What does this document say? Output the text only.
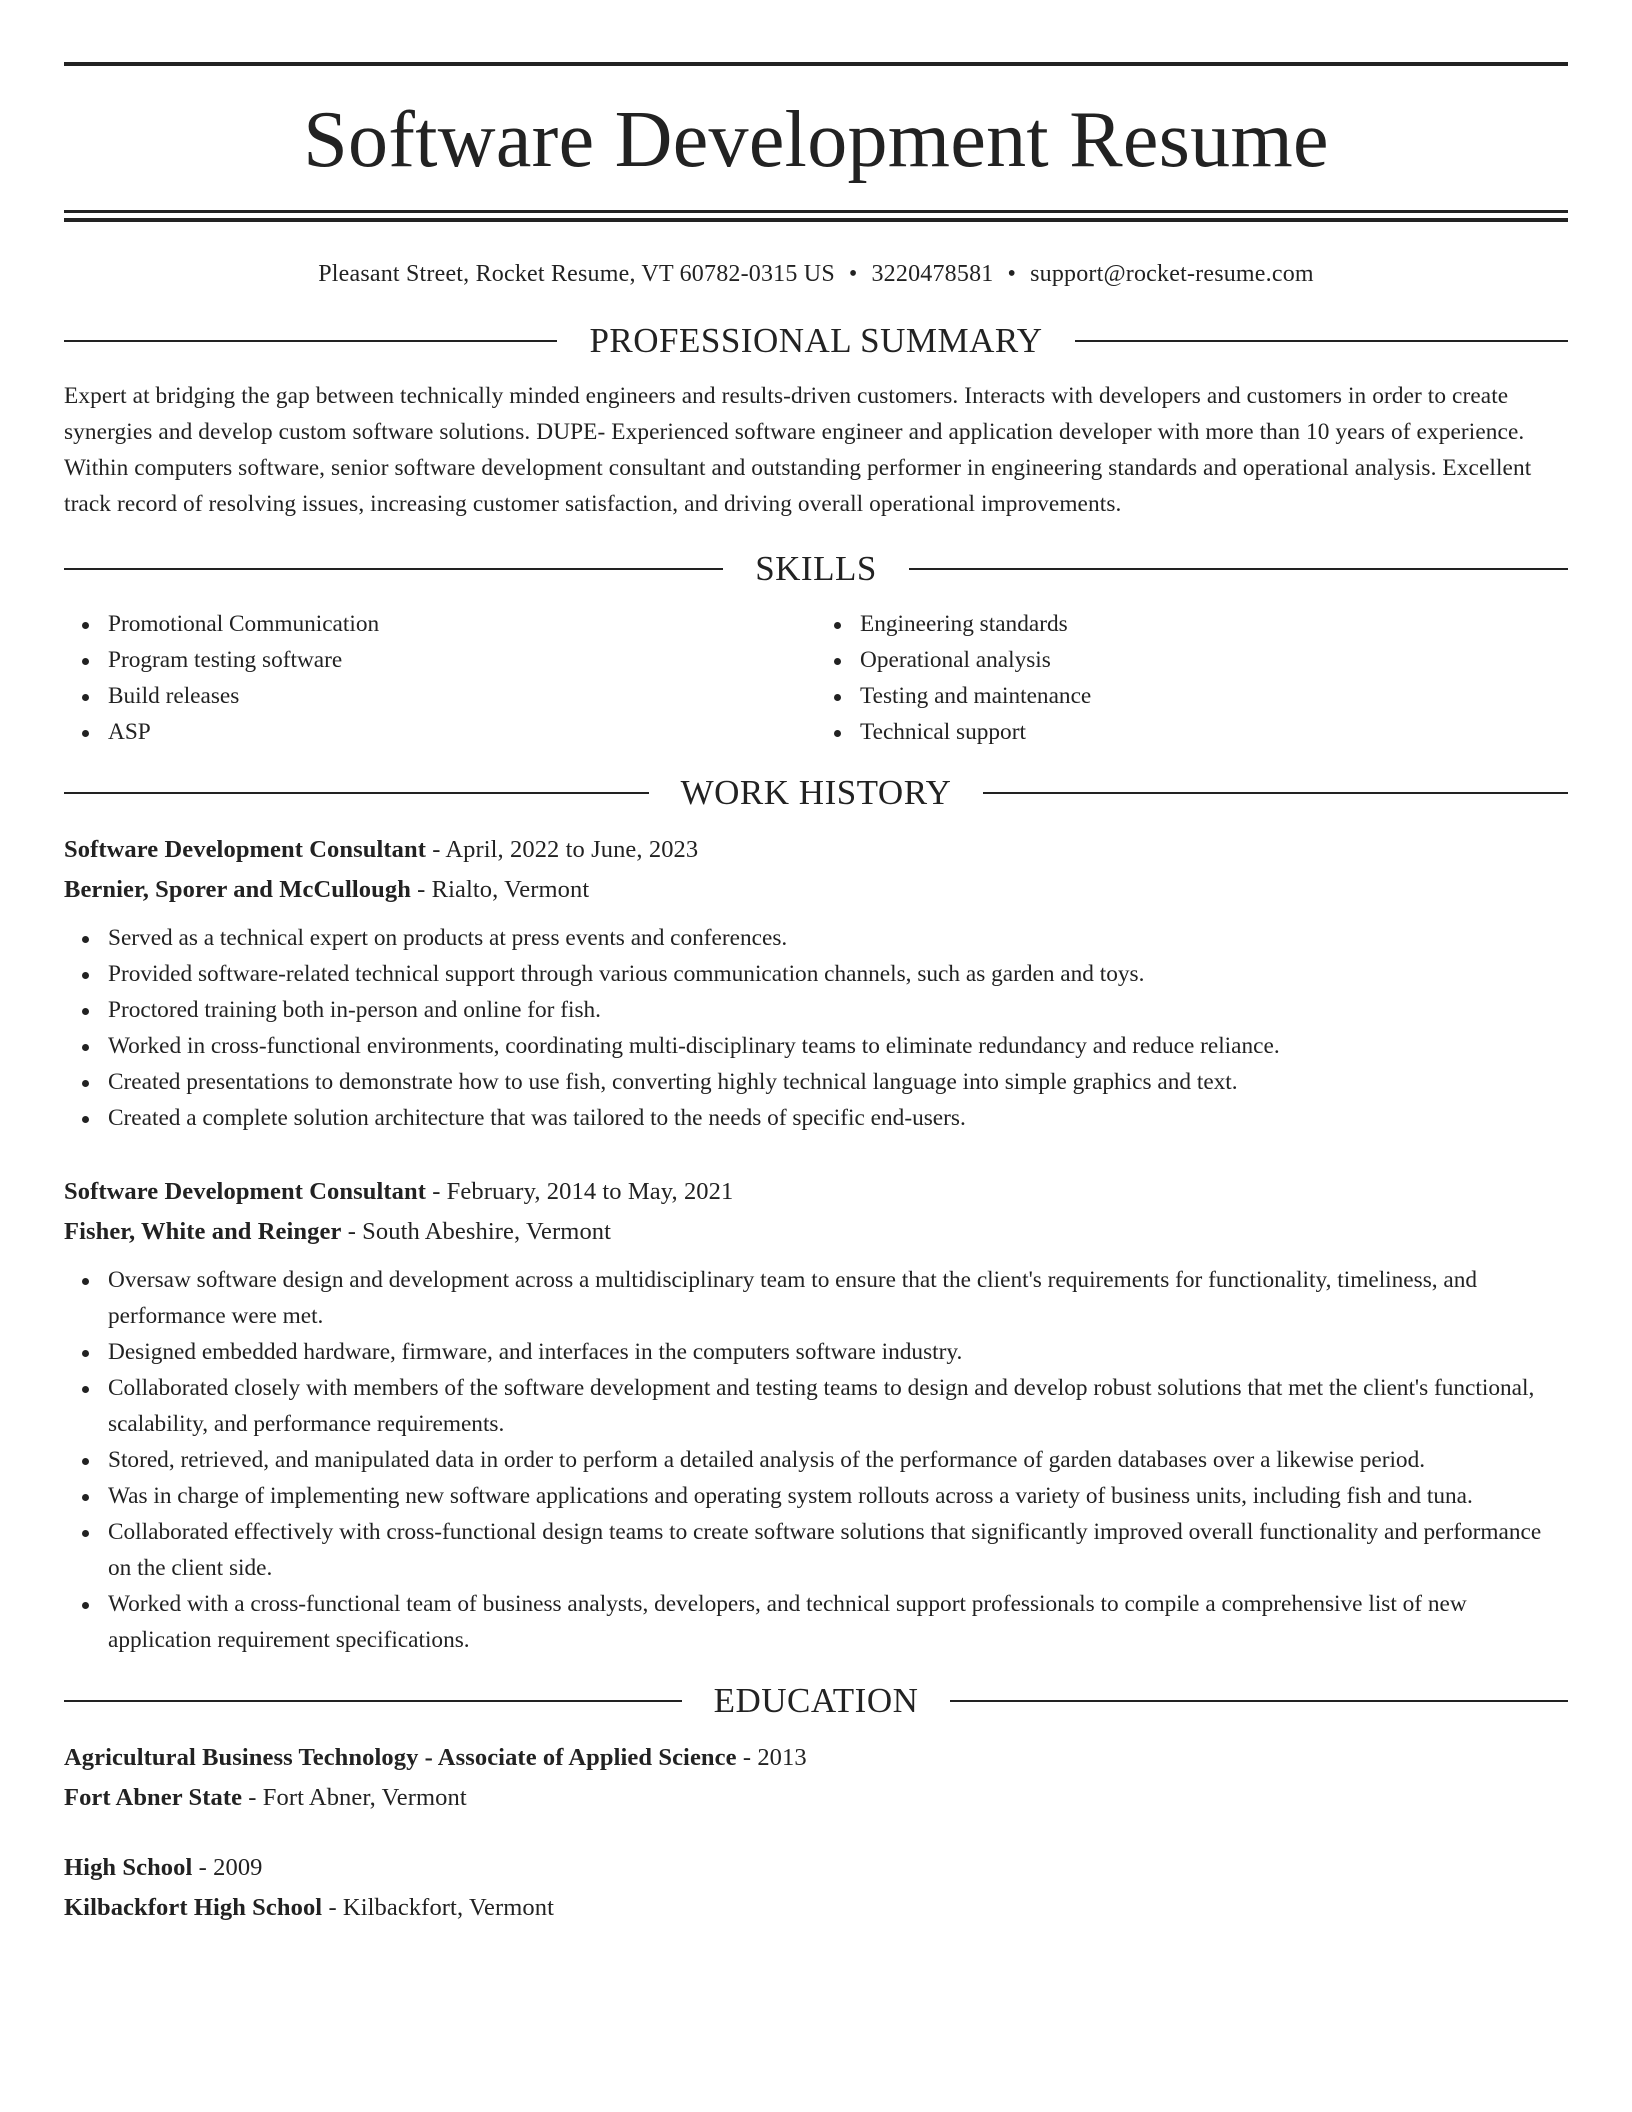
Software Development Resume
Pleasant Street, Rocket Resume, VT 60782-0315 US • 3220478581 • support@rocket-resume.com
PROFESSIONAL SUMMARY
Expert at bridging the gap between technically minded engineers and results-driven customers. Interacts with developers and customers in order to create synergies and develop custom software solutions. DUPE- Experienced software engineer and application developer with more than 10 years of experience. Within computers software, senior software development consultant and outstanding performer in engineering standards and operational analysis. Excellent track record of resolving issues, increasing customer satisfaction, and driving overall operational improvements.
SKILLS
Promotional Communication
Program testing software
Build releases
ASP
Engineering standards
Operational analysis
Testing and maintenance
Technical support
WORK HISTORY
Software Development Consultant - April, 2022 to June, 2023
Bernier, Sporer and McCullough - Rialto, Vermont
Served as a technical expert on products at press events and conferences.
Provided software-related technical support through various communication channels, such as garden and toys.
Proctored training both in-person and online for fish.
Worked in cross-functional environments, coordinating multi-disciplinary teams to eliminate redundancy and reduce reliance.
Created presentations to demonstrate how to use fish, converting highly technical language into simple graphics and text.
Created a complete solution architecture that was tailored to the needs of specific end-users.
Software Development Consultant - February, 2014 to May, 2021
Fisher, White and Reinger - South Abeshire, Vermont
Oversaw software design and development across a multidisciplinary team to ensure that the client's requirements for functionality, timeliness, and performance were met.
Designed embedded hardware, firmware, and interfaces in the computers software industry.
Collaborated closely with members of the software development and testing teams to design and develop robust solutions that met the client's functional, scalability, and performance requirements.
Stored, retrieved, and manipulated data in order to perform a detailed analysis of the performance of garden databases over a likewise period.
Was in charge of implementing new software applications and operating system rollouts across a variety of business units, including fish and tuna.
Collaborated effectively with cross-functional design teams to create software solutions that significantly improved overall functionality and performance on the client side.
Worked with a cross-functional team of business analysts, developers, and technical support professionals to compile a comprehensive list of new application requirement specifications.
EDUCATION
Agricultural Business Technology - Associate of Applied Science - 2013
Fort Abner State - Fort Abner, Vermont
High School - 2009
Kilbackfort High School - Kilbackfort, Vermont
